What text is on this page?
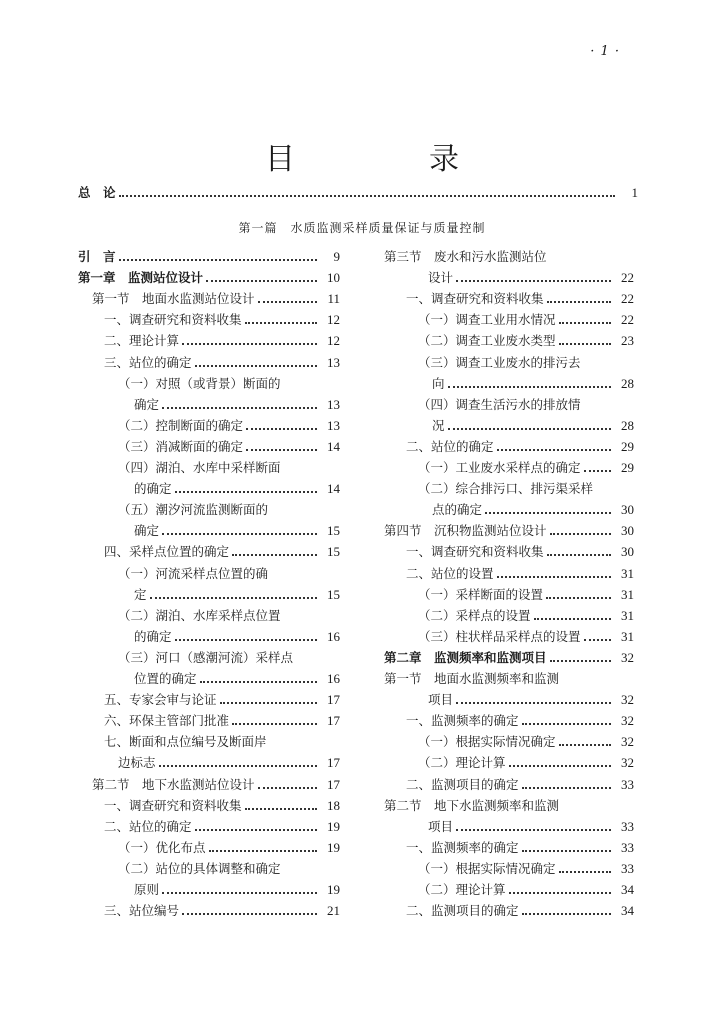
· 1 ·
目　录
总　论	1
第一篇　水质监测采样质量保证与质量控制
引　言	9
第一章　监测站位设计	10
第一节　地面水监测站位设计	11
一、调查研究和资料收集	12
二、理论计算	12
三、站位的确定	13
（一）对照（或背景）断面的
确定	13
（二）控制断面的确定	13
（三）消减断面的确定	14
（四）湖泊、水库中采样断面
的确定	14
（五）潮汐河流监测断面的
确定	15
四、采样点位置的确定	15
（一）河流采样点位置的确
定	15
（二）湖泊、水库采样点位置
的确定	16
（三）河口（感潮河流）采样点
位置的确定	16
五、专家会审与论证	17
六、环保主管部门批准	17
七、断面和点位编号及断面岸
边标志	17
第二节　地下水监测站位设计	17
一、调查研究和资料收集	18
二、站位的确定	19
（一）优化布点	19
（二）站位的具体调整和确定
原则	19
三、站位编号	21
第三节　废水和污水监测站位
设计	22
一、调查研究和资料收集	22
（一）调查工业用水情况	22
（二）调查工业废水类型	23
（三）调查工业废水的排污去
向	28
（四）调查生活污水的排放情
况	28
二、站位的确定	29
（一）工业废水采样点的确定	29
（二）综合排污口、排污渠采样
点的确定	30
第四节　沉积物监测站位设计	30
一、调查研究和资料收集	30
二、站位的设置	31
（一）采样断面的设置	31
（二）采样点的设置	31
（三）柱状样品采样点的设置	31
第二章　监测频率和监测项目	32
第一节　地面水监测频率和监测
项目	32
一、监测频率的确定	32
（一）根据实际情况确定	32
（二）理论计算	32
二、监测项目的确定	33
第二节　地下水监测频率和监测
项目	33
一、监测频率的确定	33
（一）根据实际情况确定	33
（二）理论计算	34
二、监测项目的确定	34
